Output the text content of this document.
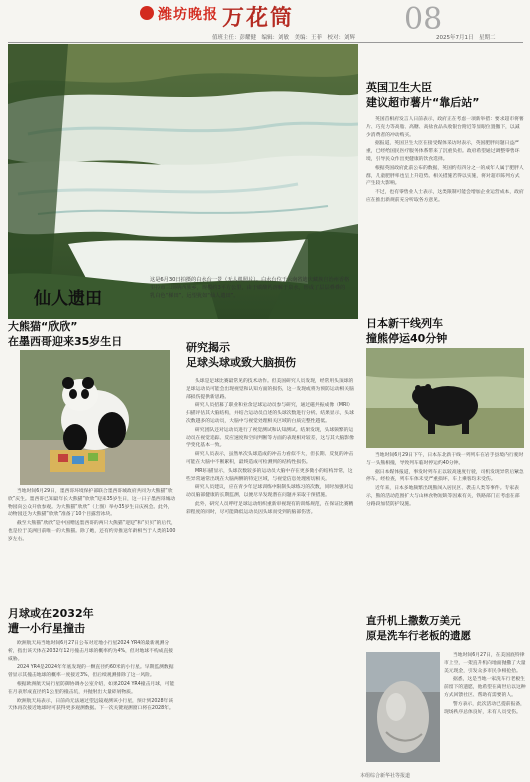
潍坊晚报 万花筒	08
值班主任：彭耀健　编辑：刘敏　美编：王菲　校对：刘辉	2025年7月1日　星期二
这是6月30日拍摄的白水台一景（无人机照片）。白水台位于云南省迪庆藏族自治州香格里拉市三坝纳西族乡，规模约3平方公里，由于碳酸钙溶解于泉水，形成了层层叠叠的乳白色“梯田”，远望犹如“仙人遗田”。
仙人遗田
大熊猫“欣欣”
在墨西哥迎来35岁生日

当地时间6月29日，墨西哥环境保护部联合墨西哥城政府共同为大熊猫“欣欣”庆生。墨西哥已知最年长大熊猫“欣欣”迎来35岁生日，这一日子墨西哥城动物园向公众开放参观。为大熊猫“欣欣”（上图）举办35岁生日庆祝会。此外，动物园还为大熊猫“欣欣”准备了10个目露营冰块。

截至大熊猫“欣欣”是中国赠送墨西哥的两只大熊猫“迎迎”和“贝贝”的后代，也是位于美洲目前唯一的大熊猫。除了她，还有约旁推送年龄相当于人类的100岁左右。

月球或在2032年
遭一小行星撞击

欧洲航天局当地时间6月27日公布对近地小行星2024 YR4的最新观测分析，指出该天体在2032年12月撞击月球的概率约为4%，但对地球不构成直接威胁。

2024 YR4是2024年年底发现的一颗直径约60米的小行星。早期监测数据曾显示其撞击地球的概率一度接近3%，但后续观测排除了这一风险。

根据欧洲航天局行星防御协调办公室介绍，如果2024 YR4撞击月球，可能在月表形成直径约1公里的撞击坑，并抛射出大量碎屑物质。

欧洲航天局表示，日前尚无法通过望远镜观测该小行星，预计到2028年该天体再次接近地球时可获得更多观测数据。下一次关键观测窗口将在2028年。

研究揭示
足球头球或致大脑损伤

头球是足球比赛最常见的技术动作。但美国研究人员发现，经常用头顶球的足球运动员可能会出现视觉和认知方面的损伤，这一发现或将为预防运动相关脑部损伤提供新思路。

研究人员招募了职业和业余足球运动员参与研究，通过磁共振成像（MRI）扫描评估其大脑结构，并结合运动员自述的头球次数进行分析。结果显示，头球次数越多的运动员，大脑中与视觉处理相关区域的白质完整性越低。

研究团队还对运动员进行了视觉测试和认知测试。结果发现，头球频繁的运动员在视觉追踪、反应速度和空间判断等方面的表现相对较差，这与其大脑影像学变化基本一致。

研究人员表示，虽然单次头球造成的冲击力看似不大，但长期、反复的冲击可能在大脑中不断累积，最终造成可检测到的结构性损伤。

MRI扫描显示，头球次数较多的运动员大脑中存在更多微小的结构异常，这些异常通常出现在大脑两侧的特定区域，与视觉信息处理密切相关。

研究人员建议，应在青少年足球训练中限制头球练习的次数，同时加强对运动员脑部健康的长期监测，以便尽早发现潜在问题并采取干预措施。

此外，研究人员呼吁足球运动组织重新审视现有的训练规范，在保证比赛精彩程度的同时，尽可能降低运动员因头球而受到的脑部伤害。

英国卫生大臣
建议超市薯片“靠后站”

英国首相府发言人日前表示，政府正在考虑一项新举措：要求超市将薯片、巧克力等高脂、高糖、高盐食品从收银台附近等显眼位置撤下，以减少消费者的冲动购买。

据报道，英国卫生大臣在接受媒体采访时表示，英国肥胖问题日益严重，已经给国民医疗服务体系带来了沉重负担。政府希望通过调整零售环境，引导民众作出更健康的饮食选择。

根据英国政府此前公布的数据，英国约有四分之一的成年人属于肥胖人群，儿童肥胖率也呈上升趋势。相关措施若得以实施，将对超市陈列方式产生较大影响。

不过，也有零售业人士表示，这类限制可能会增加企业运营成本，政府应在推出新规前充分听取各方意见。

日本新干线列车
撞熊停运40分钟

当地时间6月29日下午，日本东北新干线一列列车在岩手县境内行驶时与一头熊相撞，导致列车临时停运约40分钟。

据日本媒体报道，事发时列车正以较高速度行驶，司机发现异常后紧急停车。经检查，列车车体未受严重损坏，车上乘客均未受伤。

近年来，日本多地频繁出现熊闯入居民区、袭击人类等事件。专家表示，熊的活动范围扩大与山林食物短缺等因素有关，铁路部门正考虑在部分路段加装防护设施。

直升机上撒数万美元
原是洗车行老板的遗愿

当地时间6月27日，在美国底特律市上空，一架直升机向地面抛撒了大量美元现金，引发众多市民争相抢拾。

据悉，这是当地一家洗车行老板生前留下的遗愿，他希望在离世后以这种方式回馈社区、帮助有需要的人。

警方表示，此次活动已提前报备，现场秩序总体良好，未有人员受伤。

本组综合新华社等报道
